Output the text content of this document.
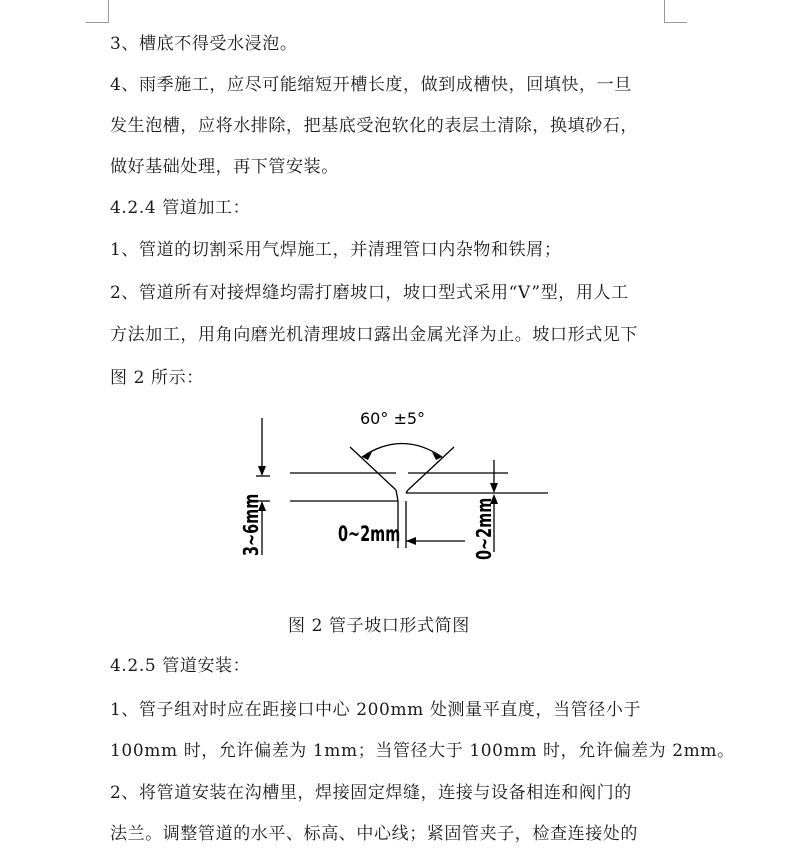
3、槽底不得受水浸泡。
4、雨季施工，应尽可能缩短开槽长度，做到成槽快，回填快，一旦
发生泡槽，应将水排除，把基底受泡软化的表层土清除，换填砂石，
做好基础处理，再下管安装。
4.2.4 管道加工：
1、管道的切割采用气焊施工，并清理管口内杂物和铁屑；
2、管道所有对接焊缝均需打磨坡口，坡口型式采用“V”型，用人工
方法加工，用角向磨光机清理坡口露出金属光泽为止。坡口形式见下
图 2 所示：
60° ±5°
0~2mm
3~6mm	0~2mm
图 2 管子坡口形式简图
4.2.5 管道安装：
1、管子组对时应在距接口中心 200mm 处测量平直度，当管径小于
100mm 时，允许偏差为 1mm；当管径大于 100mm 时，允许偏差为 2mm。
2、将管道安装在沟槽里，焊接固定焊缝，连接与设备相连和阀门的
法兰。调整管道的水平、标高、中心线；紧固管夹子，检查连接处的
